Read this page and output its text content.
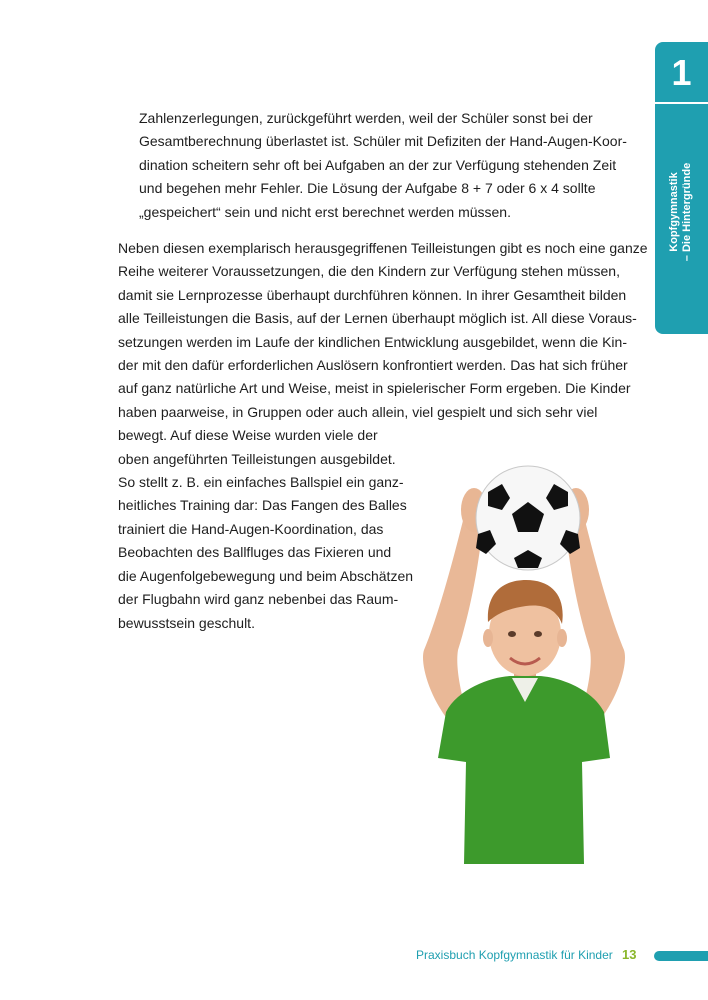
1
Kopfgymnastik – Die Hintergründe
Zahlenzerlegungen, zurückgeführt werden, weil der Schüler sonst bei der
Gesamtberechnung überlastet ist. Schüler mit Defiziten der Hand-Augen-Koor-
dination scheitern sehr oft bei Aufgaben an der zur Verfügung stehenden Zeit
und begehen mehr Fehler. Die Lösung der Aufgabe 8 + 7 oder 6 x 4 sollte
„gespeichert“ sein und nicht erst berechnet werden müssen.
Neben diesen exemplarisch herausgegriffenen Teilleistungen gibt es noch eine ganze
Reihe weiterer Voraussetzungen, die den Kindern zur Verfügung stehen müssen,
damit sie Lernprozesse überhaupt durchführen können. In ihrer Gesamtheit bilden
alle Teilleistungen die Basis, auf der Lernen überhaupt möglich ist. All diese Voraus-
setzungen werden im Laufe der kindlichen Entwicklung ausgebildet, wenn die Kin-
der mit den dafür erforderlichen Auslösern konfrontiert werden. Das hat sich früher
auf ganz natürliche Art und Weise, meist in spielerischer Form ergeben. Die Kinder
haben paarweise, in Gruppen oder auch allein, viel gespielt und sich sehr viel
bewegt. Auf diese Weise wurden viele der
oben angeführten Teilleistungen ausgebildet.
So stellt z. B. ein einfaches Ballspiel ein ganz-
heitliches Training dar: Das Fangen des Balles
trainiert die Hand-Augen-Koordination, das
Beobachten des Ballfluges das Fixieren und
die Augenfolgebewegung und beim Abschätzen
der Flugbahn wird ganz nebenbei das Raum-
bewusstsein geschult.
Praxisbuch Kopfgymnastik für Kinder 13
